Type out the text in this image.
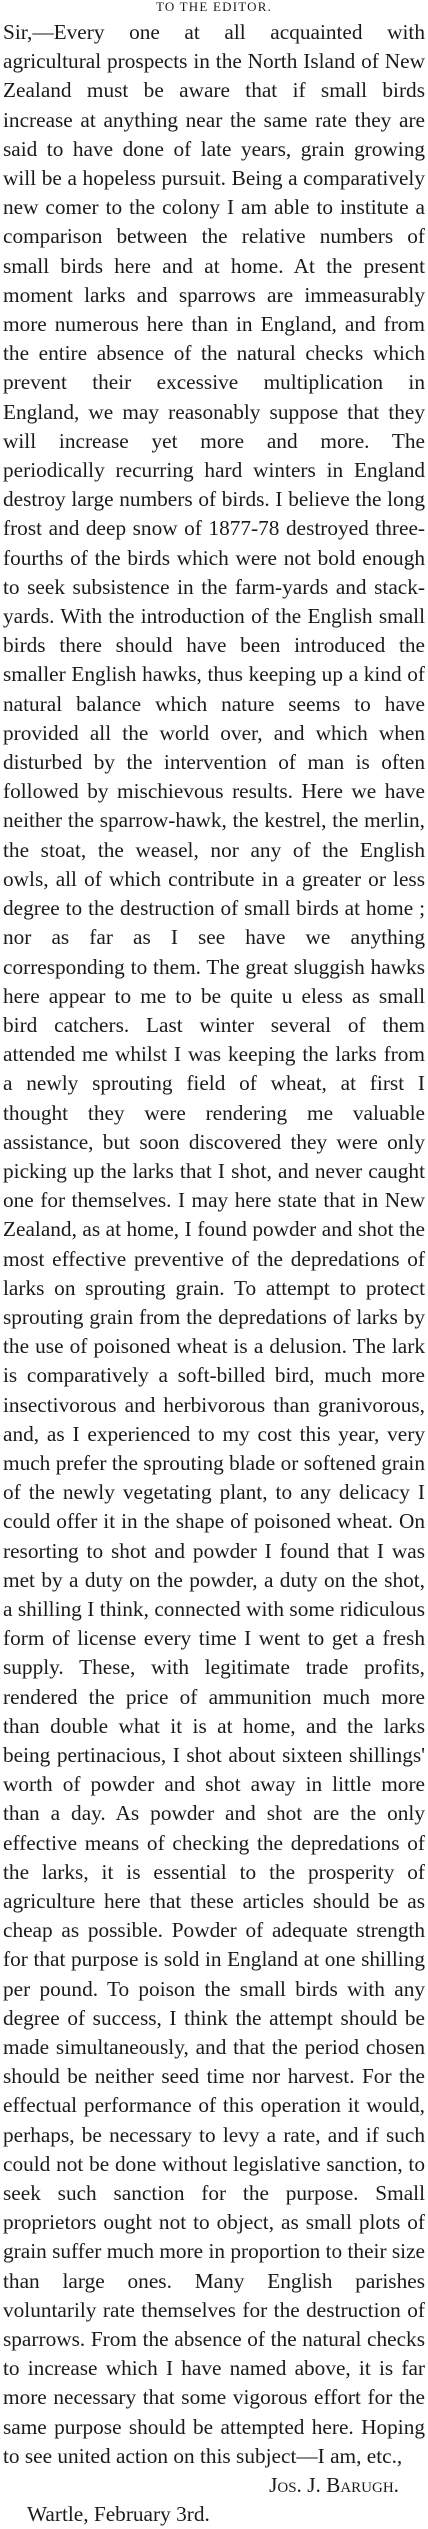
TO THE EDITOR.

Sir,—Every one at all acquainted with agricultural prospects in the North Island of New Zealand must be aware that if small birds increase at anything near the same rate they are said to have done of late years, grain growing will be a hopeless pursuit. Being a comparatively new comer to the colony I am able to institute a comparison between the relative numbers of small birds here and at home. At the present moment larks and sparrows are immeasurably more numerous here than in England, and from the entire absence of the natural checks which prevent their excessive multiplication in England, we may reasonably suppose that they will increase yet more and more. The periodically recurring hard winters in England destroy large numbers of birds. I believe the long frost and deep snow of 1877-78 destroyed three-fourths of the birds which were not bold enough to seek subsistence in the farm-yards and stack-yards. With the introduction of the English small birds there should have been introduced the smaller English hawks, thus keeping up a kind of natural balance which nature seems to have provided all the world over, and which when disturbed by the intervention of man is often followed by mischievous results. Here we have neither the sparrow-hawk, the kestrel, the merlin, the stoat, the weasel, nor any of the English owls, all of which contribute in a greater or less degree to the destruction of small birds at home ; nor as far as I see have we anything corresponding to them. The great sluggish hawks here appear to me to be quite u eless as small bird catchers. Last winter several of them attended me whilst I was keeping the larks from a newly sprouting field of wheat, at first I thought they were rendering me valuable assistance, but soon discovered they were only picking up the larks that I shot, and never caught one for themselves. I may here state that in New Zealand, as at home, I found powder and shot the most effective preventive of the depredations of larks on sprouting grain. To attempt to protect sprouting grain from the depredations of larks by the use of poisoned wheat is a delusion. The lark is comparatively a soft-billed bird, much more insectivorous and herbivorous than granivorous, and, as I experienced to my cost this year, very much prefer the sprouting blade or softened grain of the newly vegetating plant, to any delicacy I could offer it in the shape of poisoned wheat. On resorting to shot and powder I found that I was met by a duty on the powder, a duty on the shot, a shilling I think, connected with some ridiculous form of license every time I went to get a fresh supply. These, with legitimate trade profits, rendered the price of ammunition much more than double what it is at home, and the larks being pertinacious, I shot about sixteen shillings' worth of powder and shot away in little more than a day. As powder and shot are the only effective means of checking the depredations of the larks, it is essential to the prosperity of agriculture here that these articles should be as cheap as possible. Powder of adequate strength for that purpose is sold in England at one shilling per pound. To poison the small birds with any degree of success, I think the attempt should be made simultaneously, and that the period chosen should be neither seed time nor harvest. For the effectual performance of this operation it would, perhaps, be necessary to levy a rate, and if such could not be done without legislative sanction, to seek such sanction for the purpose. Small proprietors ought not to object, as small plots of grain suffer much more in proportion to their size than large ones. Many English parishes voluntarily rate themselves for the destruction of sparrows. From the absence of the natural checks to increase which I have named above, it is far more necessary that some vigorous effort for the same purpose should be attempted here. Hoping to see united action on this subject—I am, etc.,

Jos. J. Barugh.
Wartle, February 3rd.
